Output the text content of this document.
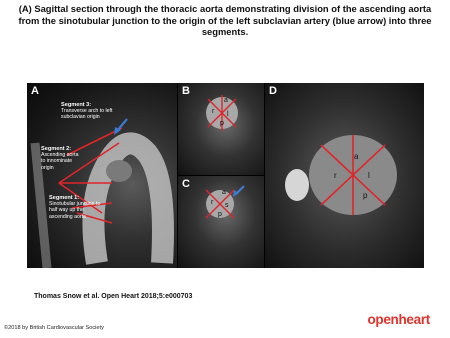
(A) Sagittal section through the thoracic aorta demonstrating division of the ascending aorta from the sinotubular junction to the origin of the left subclavian artery (blue arrow) into three segments.
A
Segment 3:
Transverse arch to left subclavian origin
Segment 2:
Ascending aorta to innominate origin
Segment 1:
Sinotubular junction to half way up the ascending aorta
B
a
r l
p
C
a
r s
p
D
a
r	l
p
Thomas Snow et al. Open Heart 2018;5:e000703
©2018 by British Cardiovascular Society
openheart
